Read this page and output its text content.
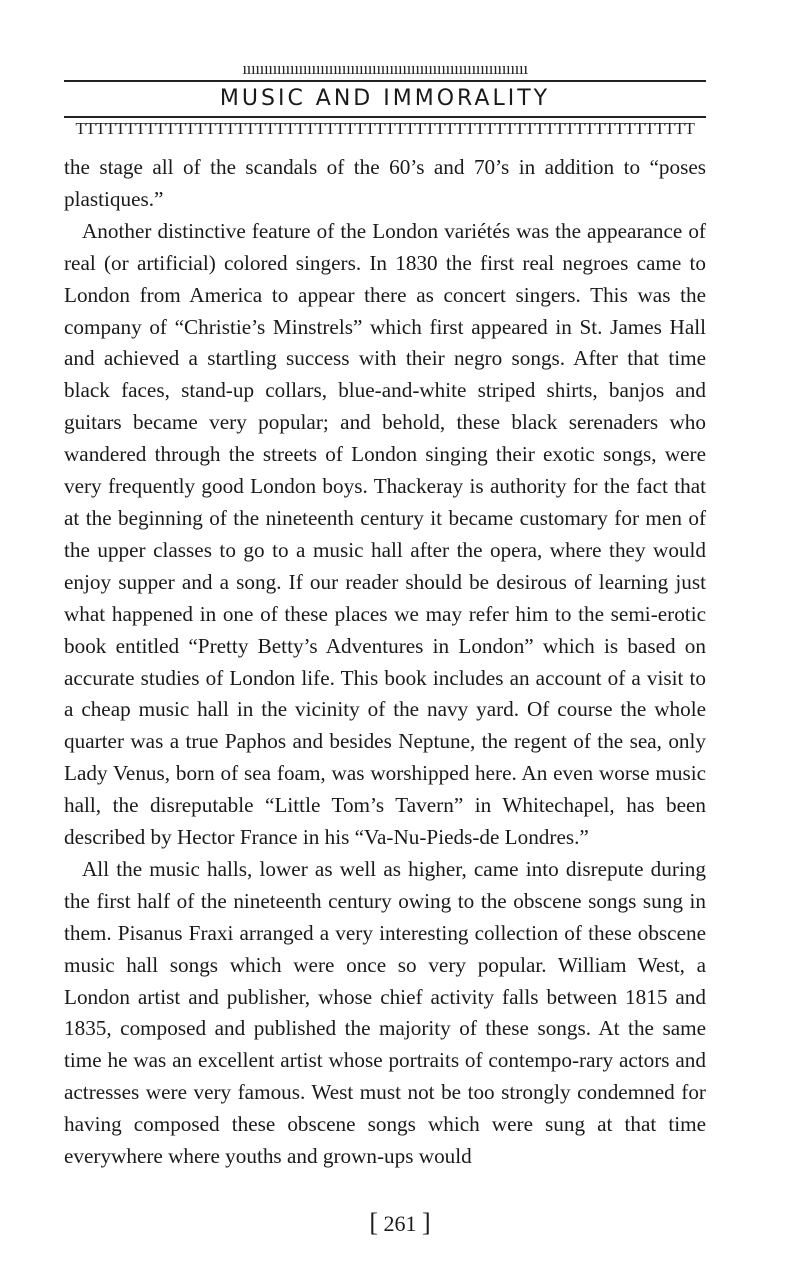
ıııııııııııııııııııııııııııııııııııııııııııııııııııııııııııııııııı
MUSIC AND IMMORALITY
TTTTTTTTTTTTTTTTTTTTTTTTTTTTTTTTTTTTTTTTTTTTTTTTTTTTTTTTTTTTTT

the stage all of the scandals of the 60’s and 70’s in addition to “poses plastiques.”

Another distinctive feature of the London variétés was the appearance of real (or artificial) colored singers. In 1830 the first real negroes came to London from America to appear there as concert singers. This was the company of “Christie’s Minstrels” which first appeared in St. James Hall and achieved a startling success with their negro songs. After that time black faces, stand-up collars, blue-and-white striped shirts, banjos and guitars became very popular; and behold, these black serenaders who wandered through the streets of London singing their exotic songs, were very frequently good London boys. Thackeray is authority for the fact that at the beginning of the nineteenth century it became customary for men of the upper classes to go to a music hall after the opera, where they would enjoy supper and a song. If our reader should be desirous of learning just what happened in one of these places we may refer him to the semi-erotic book entitled “Pretty Betty’s Adventures in London” which is based on accurate studies of London life. This book includes an account of a visit to a cheap music hall in the vicinity of the navy yard. Of course the whole quarter was a true Paphos and besides Neptune, the regent of the sea, only Lady Venus, born of sea foam, was worshipped here. An even worse music hall, the disreputable “Little Tom’s Tavern” in Whitechapel, has been described by Hector France in his “Va-Nu-Pieds-de Londres.”

All the music halls, lower as well as higher, came into disrepute during the first half of the nineteenth century owing to the obscene songs sung in them. Pisanus Fraxi arranged a very interesting collection of these obscene music hall songs which were once so very popular. William West, a London artist and publisher, whose chief activity falls between 1815 and 1835, composed and published the majority of these songs. At the same time he was an excellent artist whose portraits of contempo-rary actors and actresses were very famous. West must not be too strongly condemned for having composed these obscene songs which were sung at that time everywhere where youths and grown-ups would

[ 261 ]
